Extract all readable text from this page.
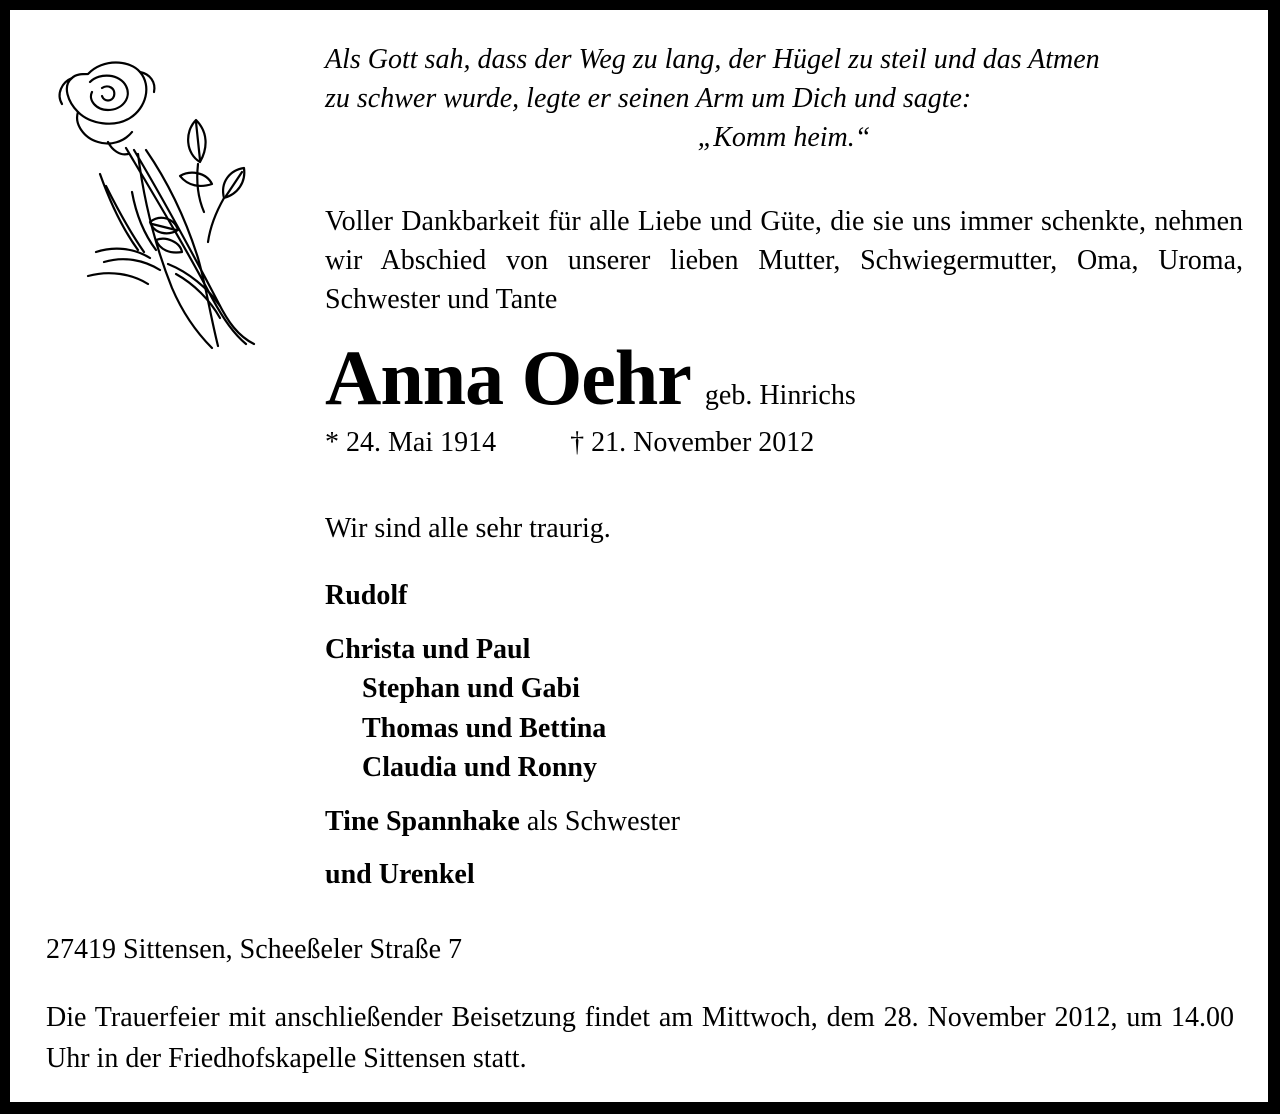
Als Gott sah, dass der Weg zu lang, der Hügel zu steil und das Atmen
zu schwer wurde, legte er seinen Arm um Dich und sagte:
„Komm heim.“
Voller Dankbarkeit für alle Liebe und Güte, die sie uns immer schenkte, nehmen wir Abschied von unserer lieben Mutter, Schwiegermutter, Oma, Uroma, Schwester und Tante
Anna Oehr geb. Hinrichs
* 24. Mai 1914	† 21. November 2012
Wir sind alle sehr traurig.
Rudolf
Christa und Paul
Stephan und Gabi
Thomas und Bettina
Claudia und Ronny
Tine Spannhake als Schwester
und Urenkel
27419 Sittensen, Scheeßeler Straße 7
Die Trauerfeier mit anschließender Beisetzung findet am Mittwoch, dem 28. November 2012, um 14.00 Uhr in der Friedhofskapelle Sittensen statt.
